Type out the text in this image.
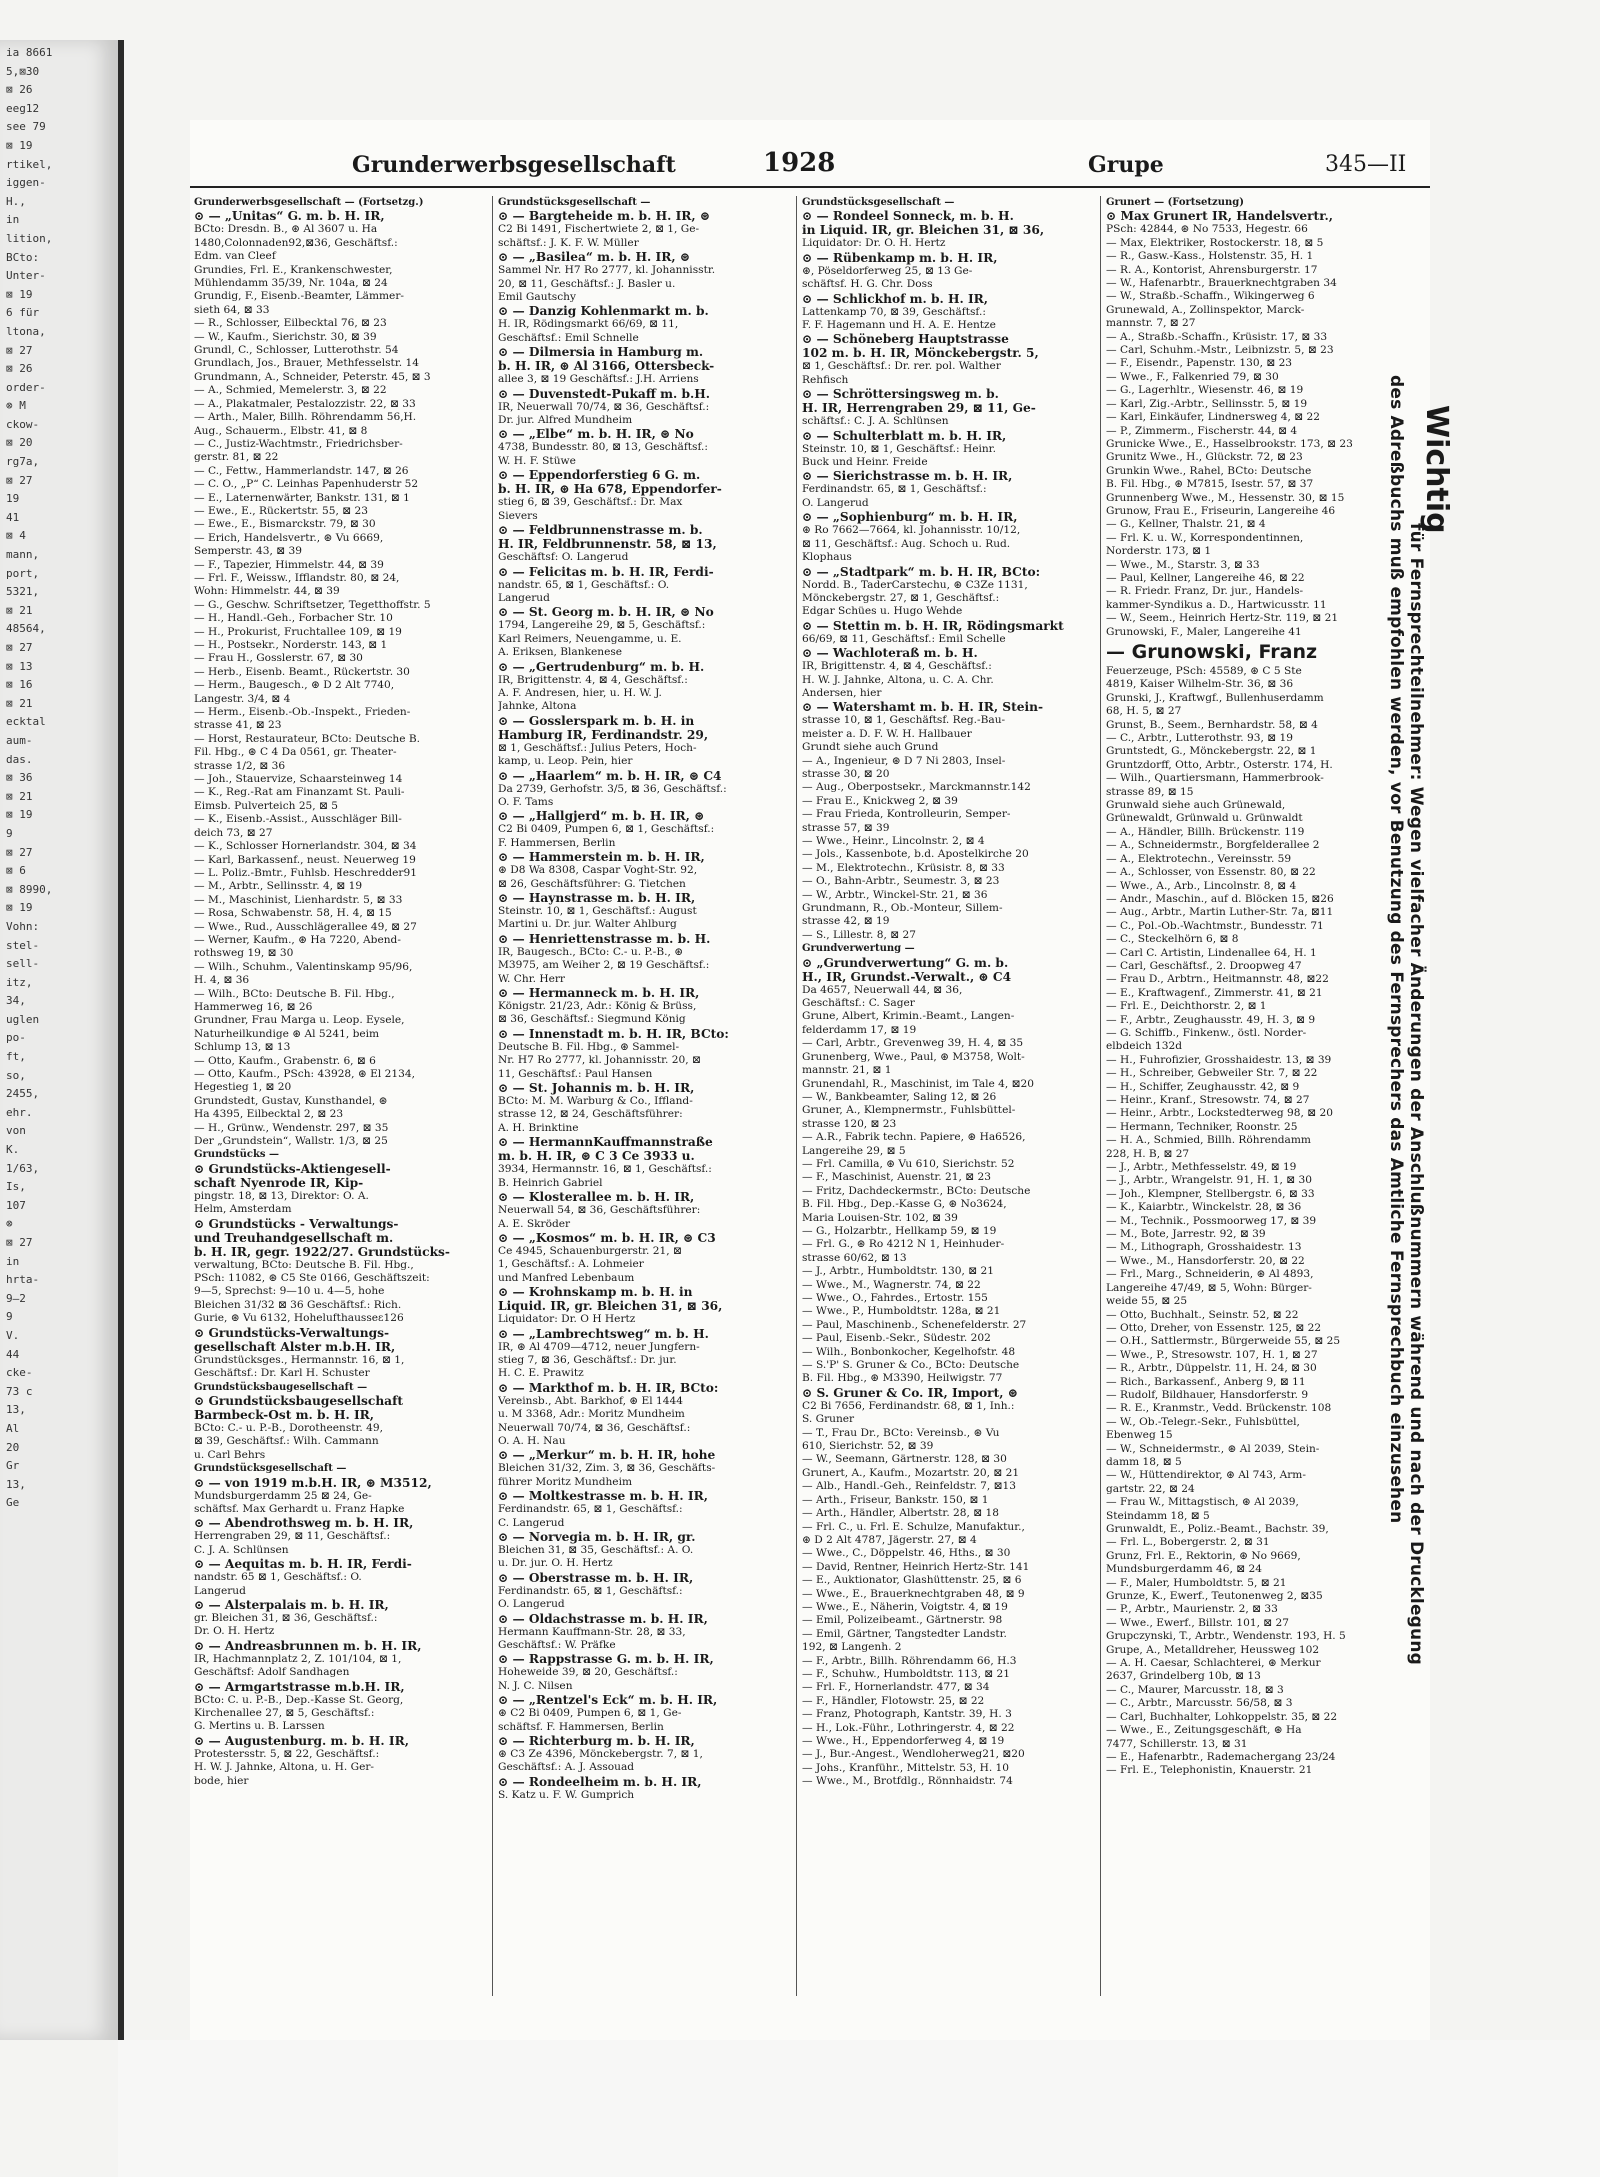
ia 8661
5,⊠30
⊠ 26
eeg12
see 79
⊠ 19
rtikel,
iggen-
H.,
in
lition,
BCto:
Unter-
⊠ 19
6 für
ltona,
⊠ 27
⊠ 26
order-
⊗ M
ckow-
⊠ 20
rg7a,
⊠ 27
19
41
⊠ 4
mann,
port,
5321,
⊠ 21
48564,
⊠ 27
⊠ 13
⊠ 16
⊠ 21
ecktal
aum-
das.
⊠ 36
⊠ 21
⊠ 19
9
⊠ 27
⊠ 6
⊠ 8990,
⊠ 19
Vohn:
stel-
sell-
itz,
34,
uglen
po-
ft,
so,
2455,
ehr.
von
K.
1/63,
Is,
107
⊗
⊠ 27
in
hrta-
9—2
9
V.
44
cke-
73 c
13,
Al
20
Gr
13,
Ge
Grunderwerbsgesellschaft	1928	Grupe	345—II
Grunderwerbsgesellschaft — (Fortsetzg.)
⊙ — „Unitas“ G. m. b. H. IR,
BCto: Dresdn. B., ⊛ Al 3607 u. Ha
1480,Colonnaden92,⊠36, Geschäftsf.:
Edm. van Cleef
Grundies, Frl. E., Krankenschwester,
Mühlendamm 35/39, Nr. 104a, ⊠ 24
Grundig, F., Eisenb.-Beamter, Lämmer-
sieth 64, ⊠ 33
— R., Schlosser, Eilbecktal 76, ⊠ 23
— W., Kaufm., Sierichstr. 30, ⊠ 39
Grundl, C., Schlosser, Lutterothstr. 54
Grundlach, Jos., Brauer, Methfesselstr. 14
Grundmann, A., Schneider, Peterstr. 45, ⊠ 3
— A., Schmied, Memelerstr. 3, ⊠ 22
— A., Plakatmaler, Pestalozzistr. 22, ⊠ 33
— Arth., Maler, Billh. Röhrendamm 56,H.
Aug., Schauerm., Elbstr. 41, ⊠ 8
— C., Justiz-Wachtmstr., Friedrichsber-
gerstr. 81, ⊠ 22
— C., Fettw., Hammerlandstr. 147, ⊠ 26
— C. O., „P“ C. Leinhas Papenhuderstr 52
— E., Laternenwärter, Bankstr. 131, ⊠ 1
— Ewe., E., Rückertstr. 55, ⊠ 23
— Ewe., E., Bismarckstr. 79, ⊠ 30
— Erich, Handelsvertr., ⊛ Vu 6669,
Semperstr. 43, ⊠ 39
— F., Tapezier, Himmelstr. 44, ⊠ 39
— Frl. F., Weissw., Ifflandstr. 80, ⊠ 24,
Wohn: Himmelstr. 44, ⊠ 39
— G., Geschw. Schriftsetzer, Tegetthoffstr. 5
— H., Handl.-Geh., Forbacher Str. 10
— H., Prokurist, Fruchtallee 109, ⊠ 19
— H., Postsekr., Norderstr. 143, ⊠ 1
— Frau H., Gosslerstr. 67, ⊠ 30
— Herb., Eisenb. Beamt., Rückertstr. 30
— Herm., Baugesch., ⊛ D 2 Alt 7740,
Langestr. 3/4, ⊠ 4
— Herm., Eisenb.-Ob.-Inspekt., Frieden-
strasse 41, ⊠ 23
— Horst, Restaurateur, BCto: Deutsche B.
Fil. Hbg., ⊛ C 4 Da 0561, gr. Theater-
strasse 1/2, ⊠ 36
— Joh., Stauervize, Schaarsteinweg 14
— K., Reg.-Rat am Finanzamt St. Pauli-
Eimsb. Pulverteich 25, ⊠ 5
— K., Eisenb.-Assist., Ausschläger Bill-
deich 73, ⊠ 27
— K., Schlosser Hornerlandstr. 304, ⊠ 34
— Karl, Barkassenf., neust. Neuerweg 19
— L. Poliz.-Bmtr., Fuhlsb. Heschredder91
— M., Arbtr., Sellinsstr. 4, ⊠ 19
— M., Maschinist, Lienhardstr. 5, ⊠ 33
— Rosa, Schwabenstr. 58, H. 4, ⊠ 15
— Wwe., Rud., Ausschlägerallee 49, ⊠ 27
— Werner, Kaufm., ⊛ Ha 7220, Abend-
rothsweg 19, ⊠ 30
— Wilh., Schuhm., Valentinskamp 95/96,
H. 4, ⊠ 36
— Wilh., BCto: Deutsche B. Fil. Hbg.,
Hammerweg 16, ⊠ 26
Grundner, Frau Marga u. Leop. Eysele,
Naturheilkundige ⊛ Al 5241, beim
Schlump 13, ⊠ 13
— Otto, Kaufm., Grabenstr. 6, ⊠ 6
— Otto, Kaufm., PSch: 43928, ⊛ El 2134,
Hegestieg 1, ⊠ 20
Grundstedt, Gustav, Kunsthandel, ⊛
Ha 4395, Eilbecktal 2, ⊠ 23
— H., Grünw., Wendenstr. 297, ⊠ 35
Der „Grundstein“, Wallstr. 1/3, ⊠ 25
Grundstücks —
⊙ Grundstücks-Aktiengesell-
schaft Nyenrode IR, Kip-
pingstr. 18, ⊠ 13, Direktor: O. A.
Helm, Amsterdam
⊙ Grundstücks - Verwaltungs-
und Treuhandgesellschaft m.
b. H. IR, gegr. 1922/27. Grundstücks-
verwaltung, BCto: Deutsche B. Fil. Hbg.,
PSch: 11082, ⊛ C5 Ste 0166, Geschäftszeit:
9—5, Sprechst: 9—10 u. 4—5, hohe
Bleichen 31/32 ⊠ 36 Geschäftsf.: Rich.
Gurie, ⊛ Vu 6132, Hohelufthausseε126
⊙ Grundstücks-Verwaltungs-
gesellschaft Alster m.b.H. IR,
Grundstücksges., Hermannstr. 16, ⊠ 1,
Geschäftsf.: Dr. Karl H. Schuster
Grundstücksbaugesellschaft —
⊙ Grundstücksbaugesellschaft
Barmbeck-Ost m. b. H. IR,
BCto: C.- u. P.-B., Dorotheenstr. 49,
⊠ 39, Geschäftsf.: Wilh. Cammann
u. Carl Behrs
Grundstücksgesellschaft —
⊙ — von 1919 m.b.H. IR, ⊛ M3512,
Mundsburgerdamm 25 ⊠ 24, Ge-
schäftsf. Max Gerhardt u. Franz Hapke
⊙ — Abendrothsweg m. b. H. IR,
Herrengraben 29, ⊠ 11, Geschäftsf.:
C. J. A. Schlünsen
⊙ — Aequitas m. b. H. IR, Ferdi-
nandstr. 65 ⊠ 1, Geschäftsf.: O.
Langerud
⊙ — Alsterpalais m. b. H. IR,
gr. Bleichen 31, ⊠ 36, Geschäftsf.:
Dr. O. H. Hertz
⊙ — Andreasbrunnen m. b. H. IR,
IR, Hachmannplatz 2, Z. 101/104, ⊠ 1,
Geschäftsf: Adolf Sandhagen
⊙ — Armgartstrasse m.b.H. IR,
BCto: C. u. P.-B., Dep.-Kasse St. Georg,
Kirchenallee 27, ⊠ 5, Geschäftsf.:
G. Mertins u. B. Larssen
⊙ — Augustenburg. m. b. H. IR,
Protestersstr. 5, ⊠ 22, Geschäftsf.:
H. W. J. Jahnke, Altona, u. H. Ger-
bode, hier
Grundstücksgesellschaft —
⊙ — Bargteheide m. b. H. IR, ⊛
C2 Bi 1491, Fischertwiete 2, ⊠ 1, Ge-
schäftsf.: J. K. F. W. Müller
⊙ — „Basilea“ m. b. H. IR, ⊛
Sammel Nr. H7 Ro 2777, kl. Johannisstr.
20, ⊠ 11, Geschäftsf.: J. Basler u.
Emil Gautschy
⊙ — Danzig Kohlenmarkt m. b.
H. IR, Rödingsmarkt 66/69, ⊠ 11,
Geschäftsf.: Emil Schnelle
⊙ — Dilmersia in Hamburg m.
b. H. IR, ⊛ Al 3166, Ottersbeck-
allee 3, ⊠ 19 Geschäftsf.: J.H. Arriens
⊙ — Duvenstedt-Pukaff m. b.H.
IR, Neuerwall 70/74, ⊠ 36, Geschäftsf.:
Dr. jur. Alfred Mundheim
⊙ — „Elbe“ m. b. H. IR, ⊛ No
4738, Bundesstr. 80, ⊠ 13, Geschäftsf.:
W. H. F. Stüwe
⊙ — Eppendorferstieg 6 G. m.
b. H. IR, ⊛ Ha 678, Eppendorfer-
stieg 6, ⊠ 39, Geschäftsf.: Dr. Max
Sievers
⊙ — Feldbrunnenstrasse m. b.
H. IR, Feldbrunnenstr. 58, ⊠ 13,
Geschäftsf: O. Langerud
⊙ — Felicitas m. b. H. IR, Ferdi-
nandstr. 65, ⊠ 1, Geschäftsf.: O.
Langerud
⊙ — St. Georg m. b. H. IR, ⊛ No
1794, Langereihe 29, ⊠ 5, Geschäftsf.:
Karl Reimers, Neuengamme, u. E.
A. Eriksen, Blankenese
⊙ — „Gertrudenburg“ m. b. H.
IR, Brigittenstr. 4, ⊠ 4, Geschäftsf.:
A. F. Andresen, hier, u. H. W. J.
Jahnke, Altona
⊙ — Gosslerspark m. b. H. in
Hamburg IR, Ferdinandstr. 29,
⊠ 1, Geschäftsf.: Julius Peters, Hoch-
kamp, u. Leop. Pein, hier
⊙ — „Haarlem“ m. b. H. IR, ⊛ C4
Da 2739, Gerhofstr. 3/5, ⊠ 36, Geschäftsf.:
O. F. Tams
⊙ — „Hallgjerd“ m. b. H. IR, ⊛
C2 Bi 0409, Pumpen 6, ⊠ 1, Geschäftsf.:
F. Hammersen, Berlin
⊙ — Hammerstein m. b. H. IR,
⊛ D8 Wa 8308, Caspar Voght-Str. 92,
⊠ 26, Geschäftsführer: G. Tietchen
⊙ — Haynstrasse m. b. H. IR,
Steinstr. 10, ⊠ 1, Geschäftsf.: August
Martini u. Dr. jur. Walter Ahlburg
⊙ — Henriettenstrasse m. b. H.
IR, Baugesch., BCto: C.- u. P.-B., ⊛
M3975, am Weiher 2, ⊠ 19 Geschäftsf.:
W. Chr. Herr
⊙ — Hermanneck m. b. H. IR,
Königstr. 21/23, Adr.: König & Brüss,
⊠ 36, Geschäftsf.: Siegmund König
⊙ — Innenstadt m. b. H. IR, BCto:
Deutsche B. Fil. Hbg., ⊛ Sammel-
Nr. H7 Ro 2777, kl. Johannisstr. 20, ⊠
11, Geschäftsf.: Paul Hansen
⊙ — St. Johannis m. b. H. IR,
BCto: M. M. Warburg & Co., Iffland-
strasse 12, ⊠ 24, Geschäftsführer:
A. H. Brinktine
⊙ — HermannKauffmannstraße
m. b. H. IR, ⊛ C 3 Ce 3933 u.
3934, Hermannstr. 16, ⊠ 1, Geschäftsf.:
B. Heinrich Gabriel
⊙ — Klosterallee m. b. H. IR,
Neuerwall 54, ⊠ 36, Geschäftsführer:
A. E. Skröder
⊙ — „Kosmos“ m. b. H. IR, ⊛ C3
Ce 4945, Schauenburgerstr. 21, ⊠
1, Geschäftsf.: A. Lohmeier
und Manfred Lebenbaum
⊙ — Krohnskamp m. b. H. in
Liquid. IR, gr. Bleichen 31, ⊠ 36,
Liquidator: Dr. O H Hertz
⊙ — „Lambrechtsweg“ m. b. H.
IR, ⊛ Al 4709—4712, neuer Jungfern-
stieg 7, ⊠ 36, Geschäftsf.: Dr. jur.
H. C. E. Prawitz
⊙ — Markthof m. b. H. IR, BCto:
Vereinsb., Abt. Barkhof, ⊛ El 1444
u. M 3368, Adr.: Moritz Mundheim
Neuerwall 70/74, ⊠ 36, Geschäftsf.:
O. A. H. Nau
⊙ — „Merkur“ m. b. H. IR, hohe
Bleichen 31/32, Zim. 3, ⊠ 36, Geschäfts-
führer Moritz Mundheim
⊙ — Moltkestrasse m. b. H. IR,
Ferdinandstr. 65, ⊠ 1, Geschäftsf.:
C. Langerud
⊙ — Norvegia m. b. H. IR, gr.
Bleichen 31, ⊠ 35, Geschäftsf.: A. O.
u. Dr. jur. O. H. Hertz
⊙ — Oberstrasse m. b. H. IR,
Ferdinandstr. 65, ⊠ 1, Geschäftsf.:
O. Langerud
⊙ — Oldachstrasse m. b. H. IR,
Hermann Kauffmann-Str. 28, ⊠ 33,
Geschäftsf.: W. Präfke
⊙ — Rappstrasse G. m. b. H. IR,
Hoheweide 39, ⊠ 20, Geschäftsf.:
N. J. C. Nilsen
⊙ — „Rentzel's Eck“ m. b. H. IR,
⊛ C2 Bi 0409, Pumpen 6, ⊠ 1, Ge-
schäftsf. F. Hammersen, Berlin
⊙ — Richterburg m. b. H. IR,
⊛ C3 Ze 4396, Mönckebergstr. 7, ⊠ 1,
Geschäftsf.: A. J. Assouad
⊙ — Rondeelheim m. b. H. IR,
S. Katz u. F. W. Gumprich
Grundstücksgesellschaft —
⊙ — Rondeel Sonneck, m. b. H.
in Liquid. IR, gr. Bleichen 31, ⊠ 36,
Liquidator: Dr. O. H. Hertz
⊙ — Rübenkamp m. b. H. IR,
⊛, Pöseldorferweg 25, ⊠ 13 Ge-
schäftsf. H. G. Chr. Doss
⊙ — Schlickhof m. b. H. IR,
Lattenkamp 70, ⊠ 39, Geschäftsf.:
F. F. Hagemann und H. A. E. Hentze
⊙ — Schöneberg Hauptstrasse
102 m. b. H. IR, Mönckebergstr. 5,
⊠ 1, Geschäftsf.: Dr. rer. pol. Walther
Rehfisch
⊙ — Schröttersingsweg m. b.
H. IR, Herrengraben 29, ⊠ 11, Ge-
schäftsf.: C. J. A. Schlünsen
⊙ — Schulterblatt m. b. H. IR,
Steinstr. 10, ⊠ 1, Geschäftsf.: Heinr.
Buck und Heinr. Freide
⊙ — Sierichstrasse m. b. H. IR,
Ferdinandstr. 65, ⊠ 1, Geschäftsf.:
O. Langerud
⊙ — „Sophienburg“ m. b. H. IR,
⊛ Ro 7662—7664, kl. Johannisstr. 10/12,
⊠ 11, Geschäftsf.: Aug. Schoch u. Rud.
Klophaus
⊙ — „Stadtpark“ m. b. H. IR, BCto:
Nordd. B., TaderCarstechu, ⊛ C3Ze 1131,
Mönckebergstr. 27, ⊠ 1, Geschäftsf.:
Edgar Schües u. Hugo Wehde
⊙ — Stettin m. b. H. IR, Rödingsmarkt
66/69, ⊠ 11, Geschäftsf.: Emil Schelle
⊙ — Wachloteraß m. b. H.
IR, Brigittenstr. 4, ⊠ 4, Geschäftsf.:
H. W. J. Jahnke, Altona, u. C. A. Chr.
Andersen, hier
⊙ — Watershamt m. b. H. IR, Stein-
strasse 10, ⊠ 1, Geschäftsf. Reg.-Bau-
meister a. D. F. W. H. Hallbauer
Grundt siehe auch Grund
— A., Ingenieur, ⊛ D 7 Ni 2803, Insel-
strasse 30, ⊠ 20
— Aug., Oberpostsekr., Marckmannstr.142
— Frau E., Knickweg 2, ⊠ 39
— Frau Frieda, Kontrolleurin, Semper-
strasse 57, ⊠ 39
— Wwe., Heinr., Lincolnstr. 2, ⊠ 4
— Jols., Kassenbote, b.d. Apostelkirche 20
— M., Elektrotechn., Krüsistr. 8, ⊠ 33
— O., Bahn-Arbtr., Seumestr. 3, ⊠ 23
— W., Arbtr., Winckel-Str. 21, ⊠ 36
Grundmann, R., Ob.-Monteur, Sillem-
strasse 42, ⊠ 19
— S., Lillestr. 8, ⊠ 27
Grundverwertung —
⊙ „Grundverwertung“ G. m. b.
H., IR, Grundst.-Verwalt., ⊛ C4
Da 4657, Neuerwall 44, ⊠ 36,
Geschäftsf.: C. Sager
Grune, Albert, Krimin.-Beamt., Langen-
felderdamm 17, ⊠ 19
— Carl, Arbtr., Grevenweg 39, H. 4, ⊠ 35
Grunenberg, Wwe., Paul, ⊛ M3758, Wolt-
mannstr. 21, ⊠ 1
Grunendahl, R., Maschinist, im Tale 4, ⊠20
— W., Bankbeamter, Saling 12, ⊠ 26
Gruner, A., Klempnermstr., Fuhlsbüttel-
strasse 120, ⊠ 23
— A.R., Fabrik techn. Papiere, ⊛ Ha6526,
Langereihe 29, ⊠ 5
— Frl. Camilla, ⊛ Vu 610, Sierichstr. 52
— F., Maschinist, Auenstr. 21, ⊠ 23
— Fritz, Dachdeckermstr., BCto: Deutsche
B. Fil. Hbg., Dep.-Kasse G, ⊛ No3624,
Maria Louisen-Str. 102, ⊠ 39
— G., Holzarbtr., Hellkamp 59, ⊠ 19
— Frl. G., ⊛ Ro 4212 N 1, Heinhuder-
strasse 60/62, ⊠ 13
— J., Arbtr., Humboldtstr. 130, ⊠ 21
— Wwe., M., Wagnerstr. 74, ⊠ 22
— Wwe., O., Fahrdes., Ertostr. 155
— Wwe., P., Humboldtstr. 128a, ⊠ 21
— Paul, Maschinenb., Schenefelderstr. 27
— Paul, Eisenb.-Sekr., Südestr. 202
— Wilh., Bonbonkocher, Kegelhofstr. 48
— S.'P' S. Gruner & Co., BCto: Deutsche
B. Fil. Hbg., ⊛ M3390, Heilwigstr. 77
⊙ S. Gruner & Co. IR, Import, ⊛
C2 Bi 7656, Ferdinandstr. 68, ⊠ 1, Inh.:
S. Gruner
— T., Frau Dr., BCto: Vereinsb., ⊛ Vu
610, Sierichstr. 52, ⊠ 39
— W., Seemann, Gärtnerstr. 128, ⊠ 30
Grunert, A., Kaufm., Mozartstr. 20, ⊠ 21
— Alb., Handl.-Geh., Reinfeldstr. 7, ⊠13
— Arth., Friseur, Bankstr. 150, ⊠ 1
— Arth., Händler, Albertstr. 28, ⊠ 18
— Frl. C., u. Frl. E. Schulze, Manufaktur.,
⊛ D 2 Alt 4787, Jägerstr. 27, ⊠ 4
— Wwe., C., Döppelstr. 46, Hths., ⊠ 30
— David, Rentner, Heinrich Hertz-Str. 141
— E., Auktionator, Glashüttenstr. 25, ⊠ 6
— Wwe., E., Brauerknechtgraben 48, ⊠ 9
— Wwe., E., Näherin, Voigtstr. 4, ⊠ 19
— Emil, Polizeibeamt., Gärtnerstr. 98
— Emil, Gärtner, Tangstedter Landstr.
192, ⊠ Langenh. 2
— F., Arbtr., Billh. Röhrendamm 66, H.3
— F., Schuhw., Humboldtstr. 113, ⊠ 21
— Frl. F., Hornerlandstr. 477, ⊠ 34
— F., Händler, Flotowstr. 25, ⊠ 22
— Franz, Photograph, Kantstr. 39, H. 3
— H., Lok.-Führ., Lothringerstr. 4, ⊠ 22
— Wwe., H., Eppendorferweg 4, ⊠ 19
— J., Bur.-Angest., Wendloherweg21, ⊠20
— Johs., Kranführ., Mittelstr. 53, H. 10
— Wwe., M., Brotfdlg., Rönnhaidstr. 74
Grunert — (Fortsetzung)
⊙ Max Grunert IR, Handelsvertr.,
PSch: 42844, ⊛ No 7533, Hegestr. 66
— Max, Elektriker, Rostockerstr. 18, ⊠ 5
— R., Gasw.-Kass., Holstenstr. 35, H. 1
— R. A., Kontorist, Ahrensburgerstr. 17
— W., Hafenarbtr., Brauerknechtgraben 34
— W., Straßb.-Schaffn., Wikingerweg 6
Grunewald, A., Zollinspektor, Marck-
mannstr. 7, ⊠ 27
— A., Straßb.-Schaffn., Krüsistr. 17, ⊠ 33
— Carl, Schuhm.-Mstr., Leibnizstr. 5, ⊠ 23
— F., Eisendr., Papenstr. 130, ⊠ 23
— Wwe., F., Falkenried 79, ⊠ 30
— G., Lagerhltr., Wiesenstr. 46, ⊠ 19
— Karl, Zig.-Arbtr., Sellinsstr. 5, ⊠ 19
— Karl, Einkäufer, Lindnersweg 4, ⊠ 22
— P., Zimmerm., Fischerstr. 44, ⊠ 4
Grunicke Wwe., E., Hasselbrookstr. 173, ⊠ 23
Grunitz Wwe., H., Glückstr. 72, ⊠ 23
Grunkin Wwe., Rahel, BCto: Deutsche
B. Fil. Hbg., ⊛ M7815, Isestr. 57, ⊠ 37
Grunnenberg Wwe., M., Hessenstr. 30, ⊠ 15
Grunow, Frau E., Friseurin, Langereihe 46
— G., Kellner, Thalstr. 21, ⊠ 4
— Frl. K. u. W., Korrespondentinnen,
Norderstr. 173, ⊠ 1
— Wwe., M., Starstr. 3, ⊠ 33
— Paul, Kellner, Langereihe 46, ⊠ 22
— R. Friedr. Franz, Dr. jur., Handels-
kammer-Syndikus a. D., Hartwicusstr. 11
— W., Seem., Heinrich Hertz-Str. 119, ⊠ 21
Grunowski, F., Maler, Langereihe 41
— Grunowski, Franz
Feuerzeuge, PSch: 45589, ⊛ C 5 Ste
4819, Kaiser Wilhelm-Str. 36, ⊠ 36
Grunski, J., Kraftwgf., Bullenhuserdamm
68, H. 5, ⊠ 27
Grunst, B., Seem., Bernhardstr. 58, ⊠ 4
— C., Arbtr., Lutterothstr. 93, ⊠ 19
Gruntstedt, G., Mönckebergstr. 22, ⊠ 1
Gruntzdorff, Otto, Arbtr., Osterstr. 174, H.
— Wilh., Quartiersmann, Hammerbrook-
strasse 89, ⊠ 15
Grunwald siehe auch Grünewald,
Grünewaldt, Grünwald u. Grünwaldt
— A., Händler, Billh. Brückenstr. 119
— A., Schneidermstr., Borgfelderallee 2
— A., Elektrotechn., Vereinsstr. 59
— A., Schlosser, von Essenstr. 80, ⊠ 22
— Wwe., A., Arb., Lincolnstr. 8, ⊠ 4
— Andr., Maschin., auf d. Blöcken 15, ⊠26
— Aug., Arbtr., Martin Luther-Str. 7a, ⊠11
— C., Pol.-Ob.-Wachtmstr., Bundesstr. 71
— C., Steckelhörn 6, ⊠ 8
— Carl C. Artistin, Lindenallee 64, H. 1
— Carl, Geschäftsf., 2. Droopweg 47
— Frau D., Arbtrn., Heitmannstr. 48, ⊠22
— E., Kraftwagenf., Zimmerstr. 41, ⊠ 21
— Frl. E., Deichthorstr. 2, ⊠ 1
— F., Arbtr., Zeughausstr. 49, H. 3, ⊠ 9
— G. Schiffb., Finkenw., östl. Norder-
elbdeich 132d
— H., Fuhrofizier, Grosshaidestr. 13, ⊠ 39
— H., Schreiber, Gebweiler Str. 7, ⊠ 22
— H., Schiffer, Zeughausstr. 42, ⊠ 9
— Heinr., Kranf., Stresowstr. 74, ⊠ 27
— Heinr., Arbtr., Lockstedterweg 98, ⊠ 20
— Hermann, Techniker, Roonstr. 25
— H. A., Schmied, Billh. Röhrendamm
228, H. B, ⊠ 27
— J., Arbtr., Methfesselstr. 49, ⊠ 19
— J., Arbtr., Wrangelstr. 91, H. 1, ⊠ 30
— Joh., Klempner, Stellbergstr. 6, ⊠ 33
— K., Kaiarbtr., Winckelstr. 28, ⊠ 36
— M., Technik., Possmoorweg 17, ⊠ 39
— M., Bote, Jarrestr. 92, ⊠ 39
— M., Lithograph, Grosshaidestr. 13
— Wwe., M., Hansdorferstr. 20, ⊠ 22
— Frl., Marg., Schneiderin, ⊛ Al 4893,
Langereihe 47/49, ⊠ 5, Wohn: Bürger-
weide 55, ⊠ 25
— Otto, Buchhalt., Seinstr. 52, ⊠ 22
— Otto, Dreher, von Essenstr. 125, ⊠ 22
— O.H., Sattlermstr., Bürgerweide 55, ⊠ 25
— Wwe., P., Stresowstr. 107, H. 1, ⊠ 27
— R., Arbtr., Düppelstr. 11, H. 24, ⊠ 30
— Rich., Barkassenf., Anberg 9, ⊠ 11
— Rudolf, Bildhauer, Hansdorferstr. 9
— R. E., Kranmstr., Vedd. Brückenstr. 108
— W., Ob.-Telegr.-Sekr., Fuhlsbüttel,
Ebenweg 15
— W., Schneidermstr., ⊛ Al 2039, Stein-
damm 18, ⊠ 5
— W., Hüttendirektor, ⊛ Al 743, Arm-
gartstr. 22, ⊠ 24
— Frau W., Mittagstisch, ⊛ Al 2039,
Steindamm 18, ⊠ 5
Grunwaldt, E., Poliz.-Beamt., Bachstr. 39,
— Frl. L., Bobergerstr. 2, ⊠ 31
Grunz, Frl. E., Rektorin, ⊛ No 9669,
Mundsburgerdamm 46, ⊠ 24
— F., Maler, Humboldtstr. 5, ⊠ 21
Grunze, K., Ewerf., Teutonenweg 2, ⊠35
— P., Arbtr., Maurienstr. 2, ⊠ 33
— Wwe., Ewerf., Billstr. 101, ⊠ 27
Grupczynski, T., Arbtr., Wendenstr. 193, H. 5
Grupe, A., Metalldreher, Heussweg 102
— A. H. Caesar, Schlachterei, ⊛ Merkur
2637, Grindelberg 10b, ⊠ 13
— C., Maurer, Marcusstr. 18, ⊠ 3
— C., Arbtr., Marcusstr. 56/58, ⊠ 3
— Carl, Buchhalter, Lohkoppelstr. 35, ⊠ 22
— Wwe., E., Zeitungsgeschäft, ⊛ Ha
7477, Schillerstr. 13, ⊠ 31
— E., Hafenarbtr., Rademachergang 23/24
— Frl. E., Telephonistin, Knauerstr. 21
Wichtig
für Fernsprechteilnehmer: Wegen vielfacher Änderungen der Anschlußnummern während und nach der Drucklegung
des Adreßbuchs muß empfohlen werden, vor Benutzung des Fernsprechers das Amtliche Fernsprechbuch einzusehen
